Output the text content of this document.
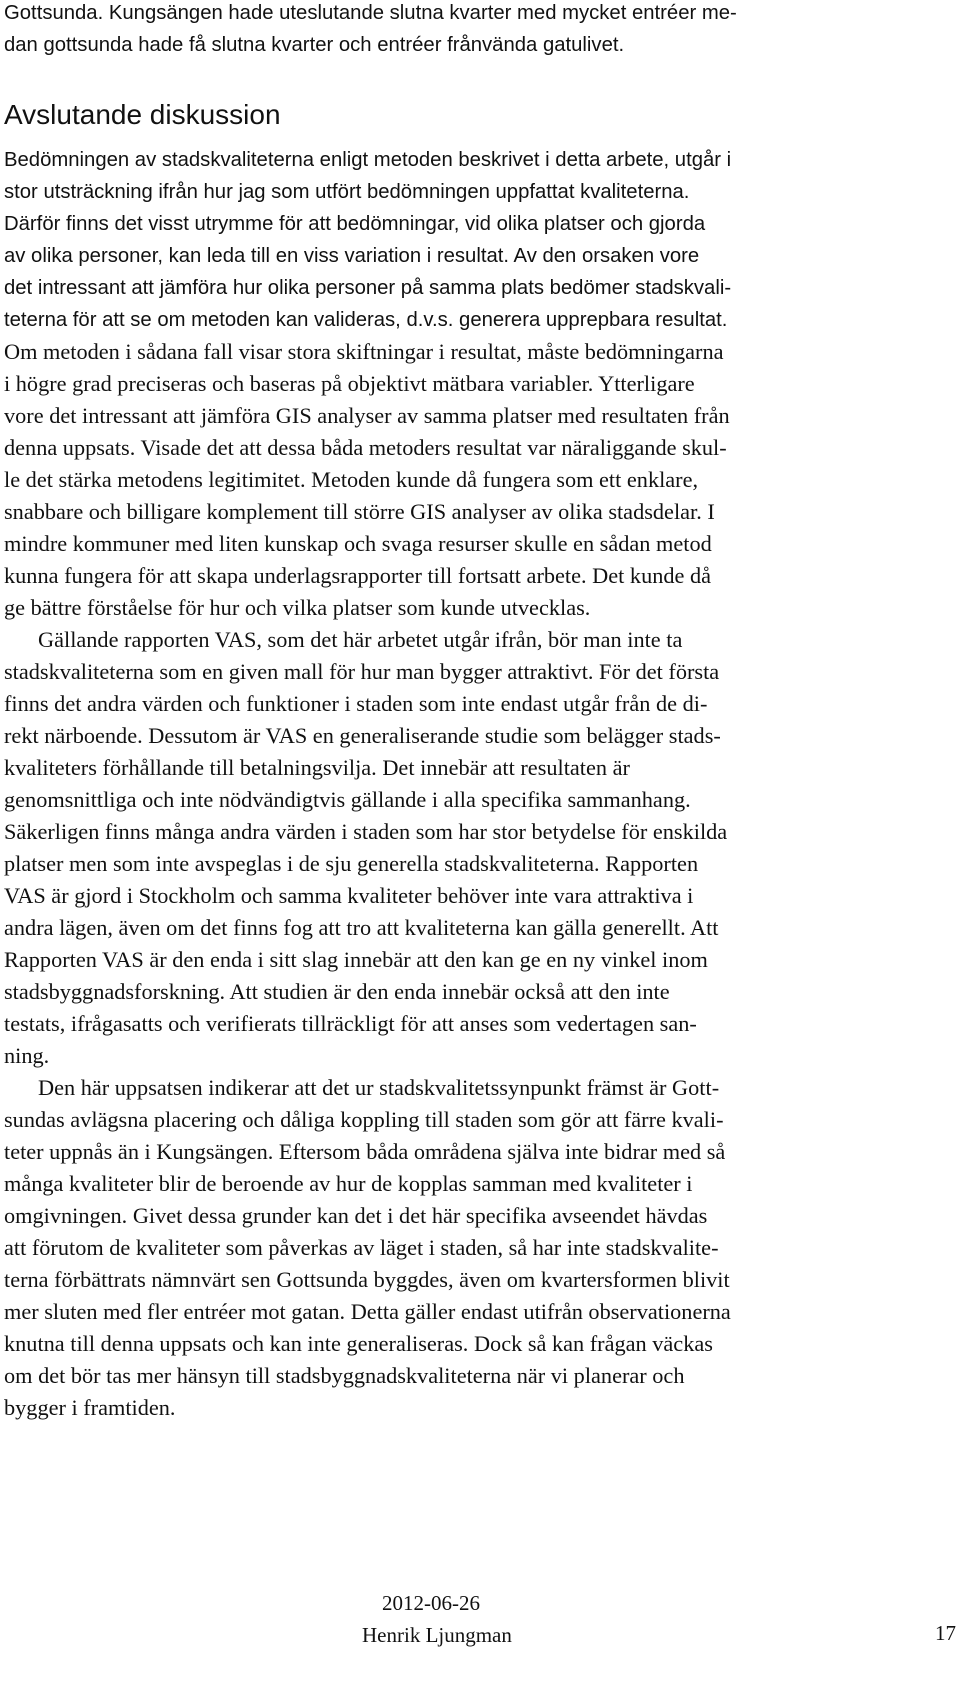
Gottsunda. Kungsängen hade uteslutande slutna kvarter med mycket entréer me-
dan gottsunda hade få slutna kvarter och entréer frånvända gatulivet.
Avslutande diskussion
Bedömningen av stadskvaliteterna enligt metoden beskrivet i detta arbete, utgår i
stor utsträckning ifrån hur jag som utfört bedömningen uppfattat kvaliteterna.
Därför finns det visst utrymme för att bedömningar, vid olika platser och gjorda
av olika personer, kan leda till en viss variation i resultat. Av den orsaken vore
det intressant att jämföra hur olika personer på samma plats bedömer stadskvali-
teterna för att se om metoden kan valideras, d.v.s. generera upprepbara resultat.
Om metoden i sådana fall visar stora skiftningar i resultat, måste bedömningarna
i högre grad preciseras och baseras på objektivt mätbara variabler. Ytterligare
vore det intressant att jämföra GIS analyser av samma platser med resultaten från
denna uppsats. Visade det att dessa båda metoders resultat var näraliggande skul-
le det stärka metodens legitimitet. Metoden kunde då fungera som ett enklare,
snabbare och billigare komplement till större GIS analyser av olika stadsdelar. I
mindre kommuner med liten kunskap och svaga resurser skulle en sådan metod
kunna fungera för att skapa underlagsrapporter till fortsatt arbete. Det kunde då
ge bättre förståelse för hur och vilka platser som kunde utvecklas.
Gällande rapporten VAS, som det här arbetet utgår ifrån, bör man inte ta
stadskvaliteterna som en given mall för hur man bygger attraktivt. För det första
finns det andra värden och funktioner i staden som inte endast utgår från de di-
rekt närboende. Dessutom är VAS en generaliserande studie som belägger stads-
kvaliteters förhållande till betalningsvilja. Det innebär att resultaten är
genomsnittliga och inte nödvändigtvis gällande i alla specifika sammanhang.
Säkerligen finns många andra värden i staden som har stor betydelse för enskilda
platser men som inte avspeglas i de sju generella stadskvaliteterna. Rapporten
VAS är gjord i Stockholm och samma kvaliteter behöver inte vara attraktiva i
andra lägen, även om det finns fog att tro att kvaliteterna kan gälla generellt. Att
Rapporten VAS är den enda i sitt slag innebär att den kan ge en ny vinkel inom
stadsbyggnadsforskning. Att studien är den enda innebär också att den inte
testats, ifrågasatts och verifierats tillräckligt för att anses som vedertagen san-
ning.
Den här uppsatsen indikerar att det ur stadskvalitetssynpunkt främst är Gott-
sundas avlägsna placering och dåliga koppling till staden som gör att färre kvali-
teter uppnås än i Kungsängen. Eftersom båda områdena själva inte bidrar med så
många kvaliteter blir de beroende av hur de kopplas samman med kvaliteter i
omgivningen. Givet dessa grunder kan det i det här specifika avseendet hävdas
att förutom de kvaliteter som påverkas av läget i staden, så har inte stadskvalite-
terna förbättrats nämnvärt sen Gottsunda byggdes, även om kvartersformen blivit
mer sluten med fler entréer mot gatan. Detta gäller endast utifrån observationerna
knutna till denna uppsats och kan inte generaliseras. Dock så kan frågan väckas
om det bör tas mer hänsyn till stadsbyggnadskvaliteterna när vi planerar och
bygger i framtiden.
2012-06-26
Henrik Ljungman	17
